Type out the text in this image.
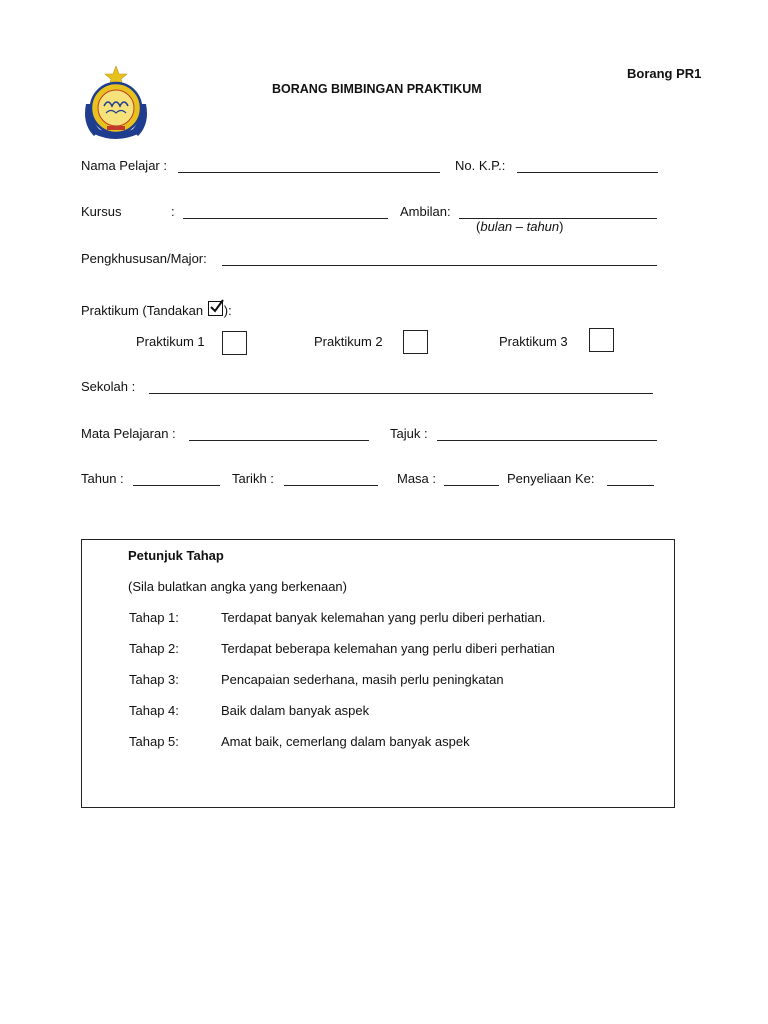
Borang PR1
BORANG BIMBINGAN PRAKTIKUM
Nama Pelajar :	No. K.P.:
Kursus	:	Ambilan:
(bulan – tahun)
Pengkhususan/Major:
Praktikum (Tandakan ):
Praktikum 1	Praktikum 2	Praktikum 3
Sekolah :
Mata Pelajaran :	Tajuk :
Tahun :	Tarikh :	Masa :	Penyeliaan Ke:
Petunjuk Tahap
(Sila bulatkan angka yang berkenaan)
Tahap 1:	Terdapat banyak kelemahan yang perlu diberi perhatian.
Tahap 2:	Terdapat beberapa kelemahan yang perlu diberi perhatian
Tahap 3:	Pencapaian sederhana, masih perlu peningkatan
Tahap 4:	Baik dalam banyak aspek
Tahap 5:	Amat baik, cemerlang dalam banyak aspek
